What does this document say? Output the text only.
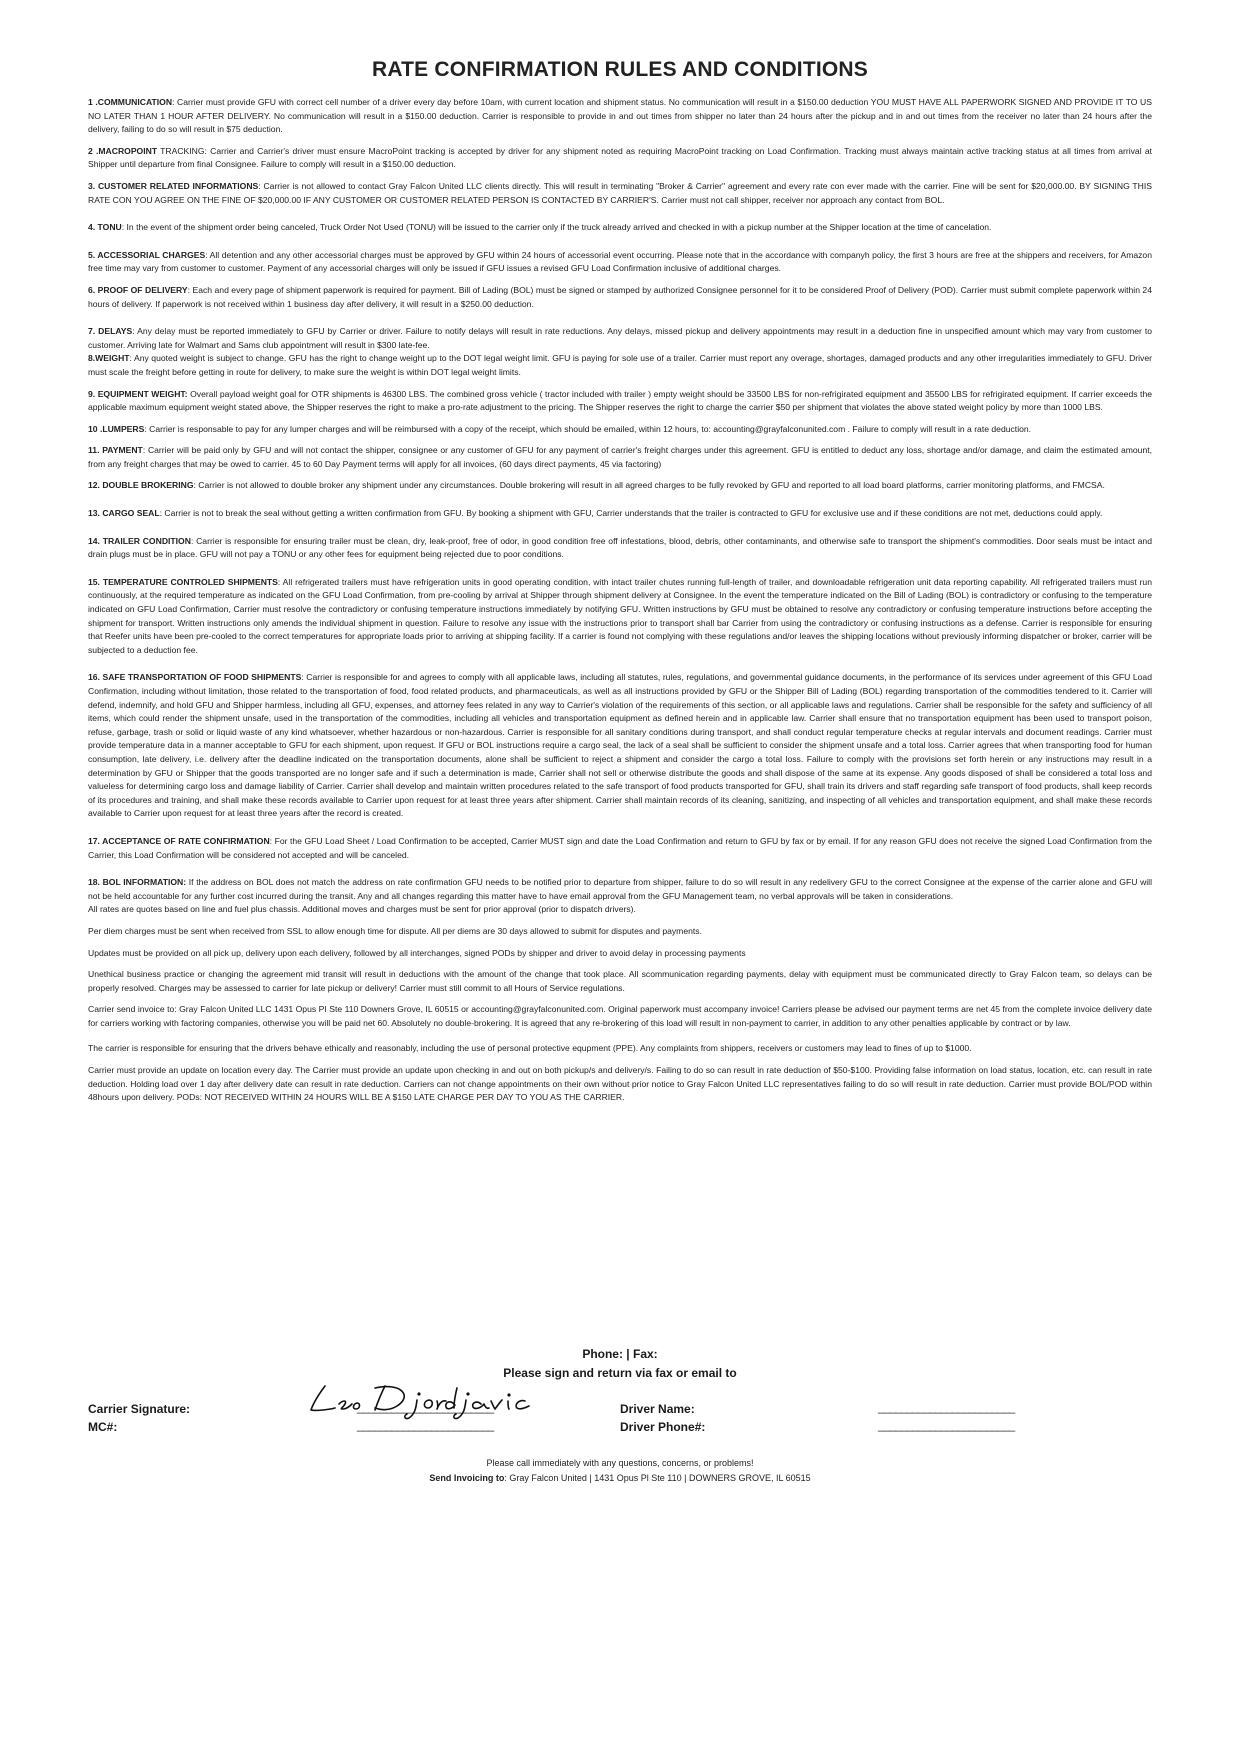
RATE CONFIRMATION RULES AND CONDITIONS

1 .COMMUNICATION: Carrier must provide GFU with correct cell number of a driver every day before 10am, with current location and shipment status. No communication will result in a $150.00 deduction YOU MUST HAVE ALL PAPERWORK SIGNED AND PROVIDE IT TO US NO LATER THAN 1 HOUR AFTER DELIVERY. No communication will result in a $150.00 deduction. Carrier is responsible to provide in and out times from shipper no later than 24 hours after the pickup and in and out times from the receiver no later than 24 hours after the delivery, failing to do so will result in $75 deduction.

2 .MACROPOINT TRACKING: Carrier and Carrier's driver must ensure MacroPoint tracking is accepted by driver for any shipment noted as requiring MacroPoint tracking on Load Confirmation. Tracking must always maintain active tracking status at all times from arrival at Shipper until departure from final Consignee. Failure to comply will result in a $150.00 deduction.

3. CUSTOMER RELATED INFORMATIONS: Carrier is not allowed to contact Gray Falcon United LLC clients directly. This will result in terminating "Broker & Carrier" agreement and every rate con ever made with the carrier. Fine will be sent for $20,000.00. BY SIGNING THIS RATE CON YOU AGREE ON THE FINE OF $20,000.00 IF ANY CUSTOMER OR CUSTOMER RELATED PERSON IS CONTACTED BY CARRIER'S. Carrier must not call shipper, receiver nor approach any contact from BOL.

4. TONU: In the event of the shipment order being canceled, Truck Order Not Used (TONU) will be issued to the carrier only if the truck already arrived and checked in with a pickup number at the Shipper location at the time of cancelation.

5. ACCESSORIAL CHARGES: All detention and any other accessorial charges must be approved by GFU within 24 hours of accessorial event occurring. Please note that in the accordance with companyh policy, the first 3 hours are free at the shippers and receivers, for Amazon free time may vary from customer to customer. Payment of any accessorial charges will only be issued if GFU issues a revised GFU Load Confirmation inclusive of additional charges.

6. PROOF OF DELIVERY: Each and every page of shipment paperwork is required for payment. Bill of Lading (BOL) must be signed or stamped by authorized Consignee personnel for it to be considered Proof of Delivery (POD). Carrier must submit complete paperwork within 24 hours of delivery. If paperwork is not received within 1 business day after delivery, it will result in a $250.00 deduction.

7. DELAYS: Any delay must be reported immediately to GFU by Carrier or driver. Failure to notify delays will result in rate reductions. Any delays, missed pickup and delivery appointments may result in a deduction fine in unspecified amount which may vary from customer to customer. Arriving late for Walmart and Sams club appointment will result in $300 late-fee.

8.WEIGHT: Any quoted weight is subject to change. GFU has the right to change weight up to the DOT legal weight limit. GFU is paying for sole use of a trailer. Carrier must report any overage, shortages, damaged products and any other irregularities immediately to GFU. Driver must scale the freight before getting in route for delivery, to make sure the weight is within DOT legal weight limits.

9. EQUIPMENT WEIGHT: Overall payload weight goal for OTR shipments is 46300 LBS. The combined gross vehicle ( tractor included with trailer ) empty weight should be 33500 LBS for non-refrigirated equipment and 35500 LBS for refrigirated equipment. If carrier exceeds the applicable maximum equipment weight stated above, the Shipper reserves the right to make a pro-rate adjustment to the pricing. The Shipper reserves the right to charge the carrier $50 per shipment that violates the above stated weight policy by more than 1000 LBS.

10 .LUMPERS: Carrier is responsable to pay for any lumper charges and will be reimbursed with a copy of the receipt, which should be emailed, within 12 hours, to: accounting@grayfalconunited.com . Failure to comply will result in a rate deduction.

11. PAYMENT: Carrier will be paid only by GFU and will not contact the shipper, consignee or any customer of GFU for any payment of carrier's freight charges under this agreement. GFU is entitled to deduct any loss, shortage and/or damage, and claim the estimated amount, from any freight charges that may be owed to carrier. 45 to 60 Day Payment terms will apply for all invoices, (60 days direct payments, 45 via factoring)

12. DOUBLE BROKERING: Carrier is not allowed to double broker any shipment under any circumstances. Double brokering will result in all agreed charges to be fully revoked by GFU and reported to all load board platforms, carrier monitoring platforms, and FMCSA.

13. CARGO SEAL: Carrier is not to break the seal without getting a written confirmation from GFU. By booking a shipment with GFU, Carrier understands that the trailer is contracted to GFU for exclusive use and if these conditions are not met, deductions could apply.

14. TRAILER CONDITION: Carrier is responsible for ensuring trailer must be clean, dry, leak-proof, free of odor, in good condition free off infestations, blood, debris, other contaminants, and otherwise safe to transport the shipment's commodities. Door seals must be intact and drain plugs must be in place. GFU will not pay a TONU or any other fees for equipment being rejected due to poor conditions.

15. TEMPERATURE CONTROLED SHIPMENTS: All refrigerated trailers must have refrigeration units in good operating condition, with intact trailer chutes running full-length of trailer, and downloadable refrigeration unit data reporting capability. All refrigerated trailers must run continuously, at the required temperature as indicated on the GFU Load Confirmation, from pre-cooling by arrival at Shipper through shipment delivery at Consignee. In the event the temperature indicated on the Bill of Lading (BOL) is contradictory or confusing to the temperature indicated on GFU Load Confirmation, Carrier must resolve the contradictory or confusing temperature instructions immediately by notifying GFU. Written instructions by GFU must be obtained to resolve any contradictory or confusing temperature instructions before accepting the shipment for transport. Written instructions only amends the individual shipment in question. Failure to resolve any issue with the instructions prior to transport shall bar Carrier from using the contradictory or confusing instructions as a defense. Carrier is responsible for ensuring that Reefer units have been pre-cooled to the correct temperatures for appropriate loads prior to arriving at shipping facility. If a carrier is found not complying with these regulations and/or leaves the shipping locations without previously informing dispatcher or broker, carrier will be subjected to a deduction fee.

16. SAFE TRANSPORTATION OF FOOD SHIPMENTS: Carrier is responsible for and agrees to comply with all applicable laws, including all statutes, rules, regulations, and governmental guidance documents, in the performance of its services under agreement of this GFU Load Confirmation, including without limitation, those related to the transportation of food, food related products, and pharmaceuticals, as well as all instructions provided by GFU or the Shipper Bill of Lading (BOL) regarding transportation of the commodities tendered to it. Carrier will defend, indemnify, and hold GFU and Shipper harmless, including all GFU, expenses, and attorney fees related in any way to Carrier's violation of the requirements of this section, or all applicable laws and regulations. Carrier shall be responsible for the safety and sufficiency of all items, which could render the shipment unsafe, used in the transportation of the commodities, including all vehicles and transportation equipment as defined herein and in applicable law. Carrier shall ensure that no transportation equipment has been used to transport poison, refuse, garbage, trash or solid or liquid waste of any kind whatsoever, whether hazardous or non-hazardous. Carrier is responsible for all sanitary conditions during transport, and shall conduct regular temperature checks at regular intervals and document readings. Carrier must provide temperature data in a manner acceptable to GFU for each shipment, upon request. If GFU or BOL instructions require a cargo seal, the lack of a seal shall be sufficient to consider the shipment unsafe and a total loss. Carrier agrees that when transporting food for human consumption, late delivery, i.e. delivery after the deadline indicated on the transportation documents, alone shall be sufficient to reject a shipment and consider the cargo a total loss. Failure to comply with the provisions set forth herein or any instructions may result in a determination by GFU or Shipper that the goods transported are no longer safe and if such a determination is made, Carrier shall not sell or otherwise distribute the goods and shall dispose of the same at its expense. Any goods disposed of shall be considered a total loss and valueless for determining cargo loss and damage liability of Carrier. Carrier shall develop and maintain written procedures related to the safe transport of food products transported for GFU, shall train its drivers and staff regarding safe transport of food products, shall keep records of its procedures and training, and shall make these records available to Carrier upon request for at least three years after shipment. Carrier shall maintain records of its cleaning, sanitizing, and inspecting of all vehicles and transportation equipment, and shall make these records available to Carrier upon request for at least three years after the record is created.

17. ACCEPTANCE OF RATE CONFIRMATION: For the GFU Load Sheet / Load Confirmation to be accepted, Carrier MUST sign and date the Load Confirmation and return to GFU by fax or by email. If for any reason GFU does not receive the signed Load Confirmation from the Carrier, this Load Confirmation will be considered not accepted and will be canceled.

18. BOL INFORMATION: If the address on BOL does not match the address on rate confirmation GFU needs to be notified prior to departure from shipper, failure to do so will result in any redelivery GFU to the correct Consignee at the expense of the carrier alone and GFU will not be held accountable for any further cost incurred during the transit. Any and all changes regarding this matter have to have email approval from the GFU Management team, no verbal approvals will be taken in considerations.

All rates are quotes based on line and fuel plus chassis. Additional moves and charges must be sent for prior approval (prior to dispatch drivers).

Per diem charges must be sent when received from SSL to allow enough time for dispute. All per diems are 30 days allowed to submit for disputes and payments.

Updates must be provided on all pick up, delivery upon each delivery, followed by all interchanges, signed PODs by shipper and driver to avoid delay in processing payments

Unethical business practice or changing the agreement mid transit will result in deductions with the amount of the change that took place. All scommunication regarding payments, delay with equipment must be communicated directly to Gray Falcon team, so delays can be properly resolved. Charges may be assessed to carrier for late pickup or delivery! Carrier must still commit to all Hours of Service regulations.

Carrier send invoice to: Gray Falcon United LLC 1431 Opus PI Ste 110 Downers Grove, IL 60515 or accounting@grayfalconunited.com. Original paperwork must accompany invoice! Carriers please be advised our payment terms are net 45 from the complete invoice delivery date for carriers working with factoring companies, otherwise you will be paid net 60. Absolutely no double-brokering. It is agreed that any re-brokering of this load will result in non-payment to carrier, in addition to any other penalties applicable by contract or by law.

The carrier is responsible for ensuring that the drivers behave ethically and reasonably, including the use of personal protective equpment (PPE). Any complaints from shippers, receivers or customers may lead to fines of up to $1000.

Carrier must provide an update on location every day. The Carrier must provide an update upon checking in and out on both pickup/s and delivery/s. Failing to do so can result in rate deduction of $50-$100. Providing false information on load status, location, etc. can result in rate deduction. Holding load over 1 day after delivery date can result in rate deduction. Carriers can not change appointments on their own without prior notice to Gray Falcon United LLC representatives failing to do so will result in rate deduction. Carrier must provide BOL/POD within 48hours upon delivery. PODs: NOT RECEIVED WITHIN 24 HOURS WILL BE A $150 LATE CHARGE PER DAY TO YOU AS THE CARRIER.

Phone: | Fax:
Please sign and return via fax or email to
Carrier Signature:	________________________	Driver Name:	________________________
MC#:	________________________	Driver Phone#:	________________________
Please call immediately with any questions, concerns, or problems!
Send Invoicing to: Gray Falcon United | 1431 Opus Pl Ste 110 | DOWNERS GROVE, IL 60515
